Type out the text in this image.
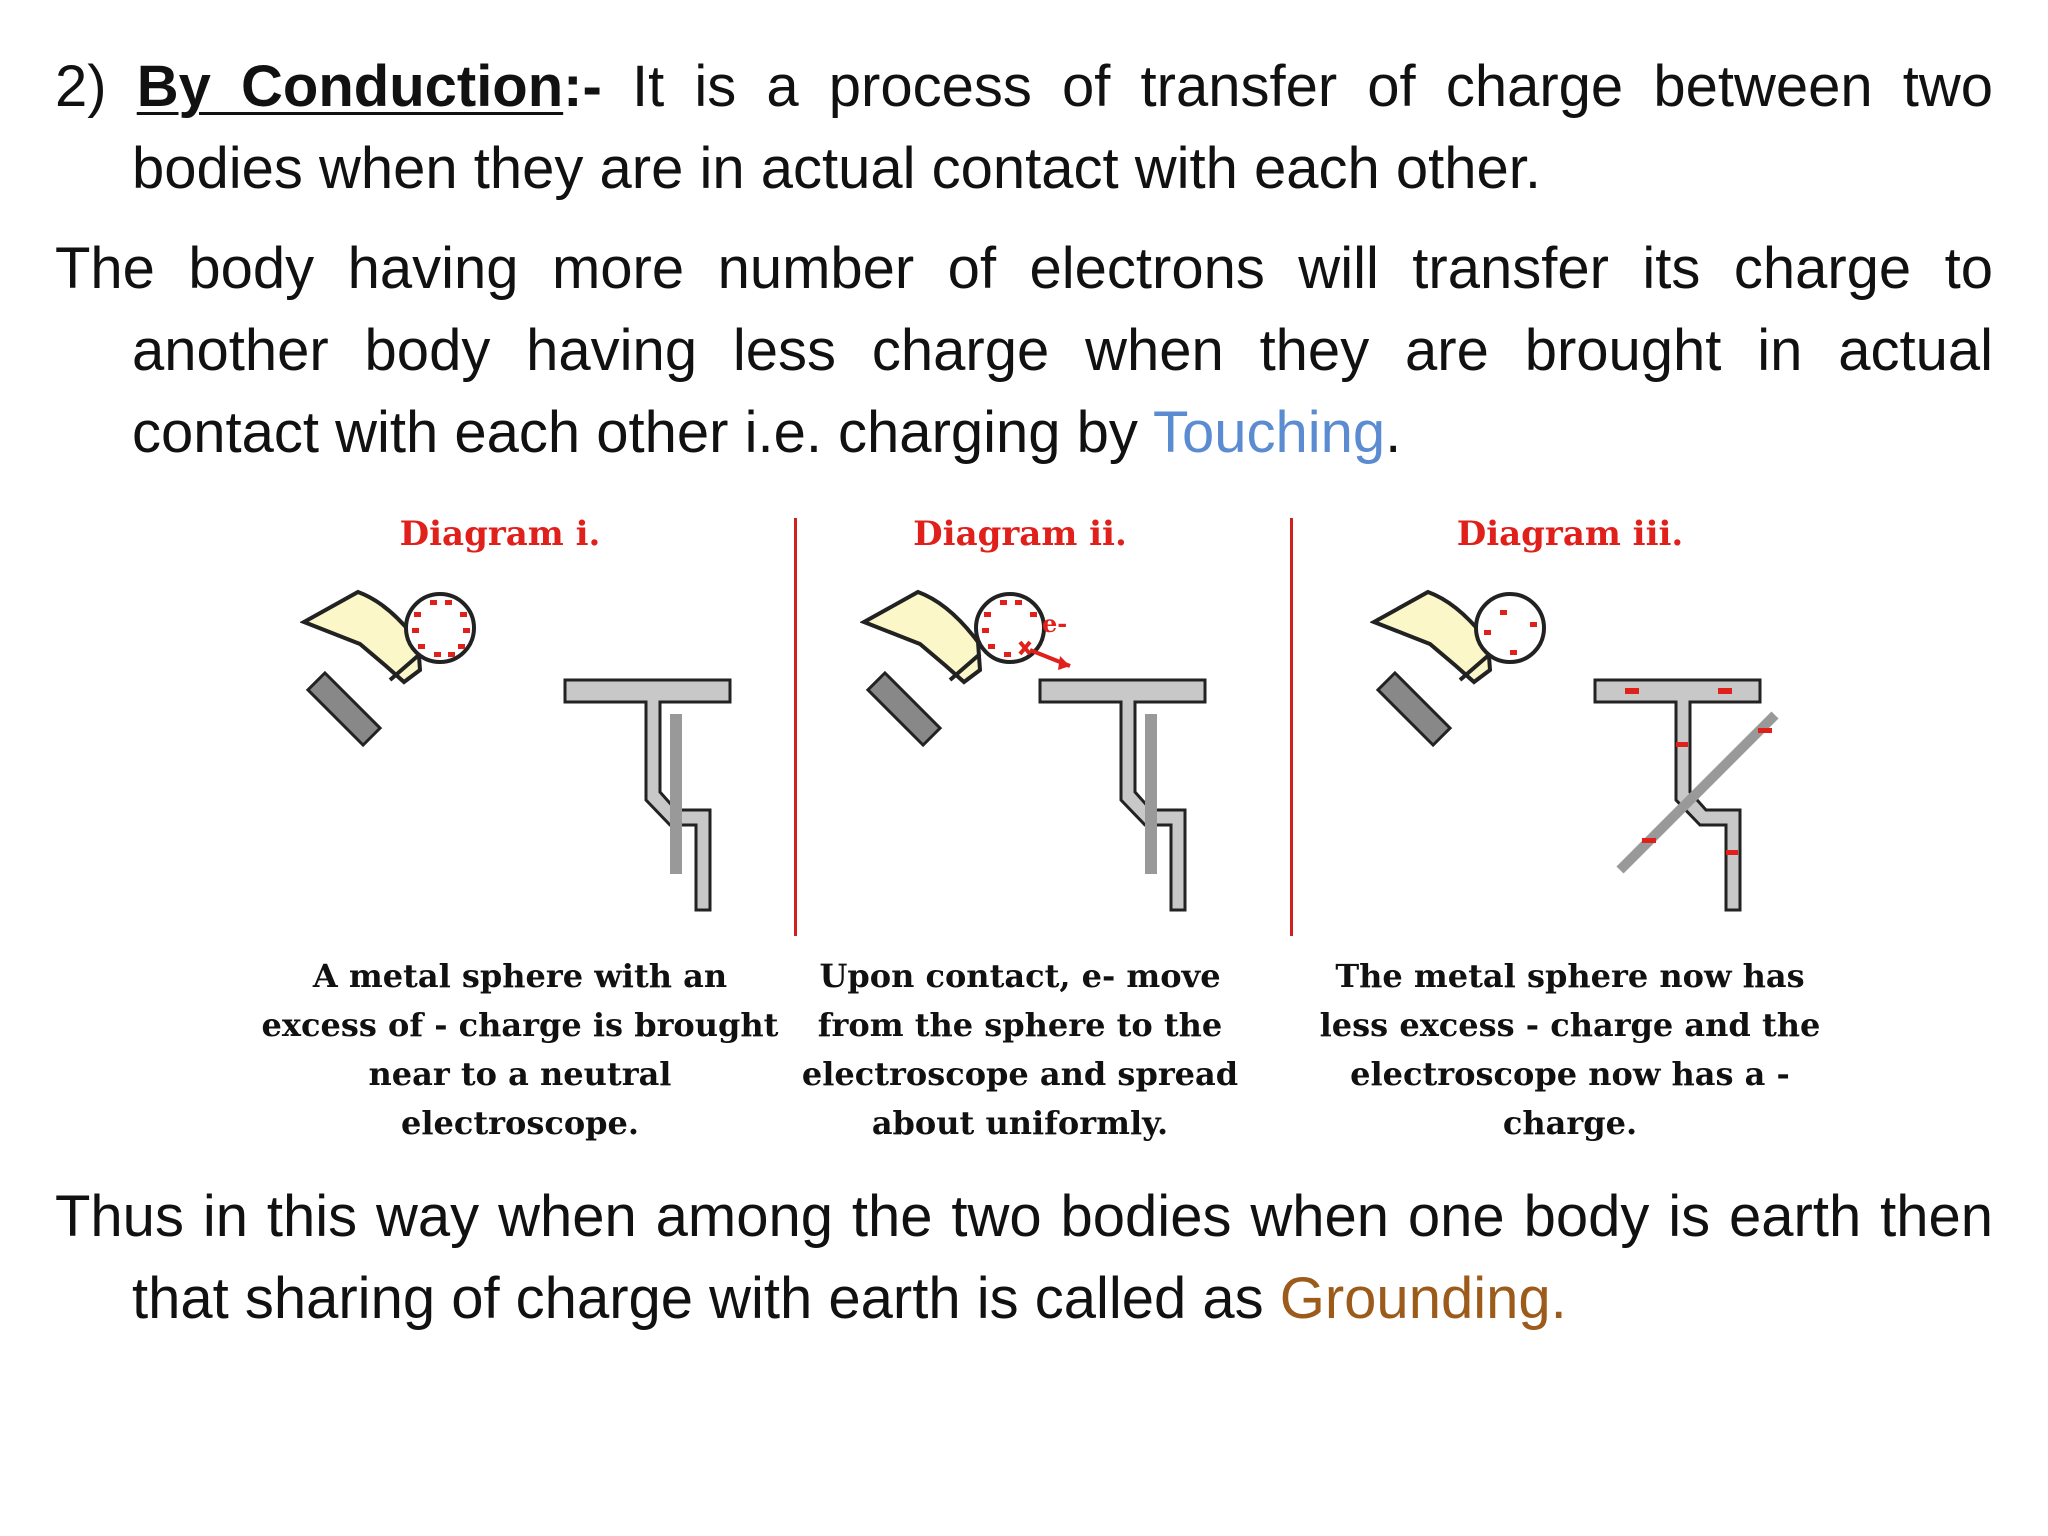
2) By Conduction:- It is a process of transfer of charge between two bodies when they are in actual contact with each other.
The body having more number of electrons will transfer its charge to another body having less charge when they are brought in actual contact with each other i.e. charging by Touching.
Diagram i.
A metal sphere with an
excess of - charge is brought
near to a neutral electroscope.
Diagram ii.
e-
Upon contact, e- move
from the sphere to the
electroscope and spread
about uniformly.
Diagram iii.
The metal sphere now has
less excess - charge and the
electroscope now has a - charge.
Thus in this way when among the two bodies when one body is earth then that sharing of charge with earth is called as Grounding.
